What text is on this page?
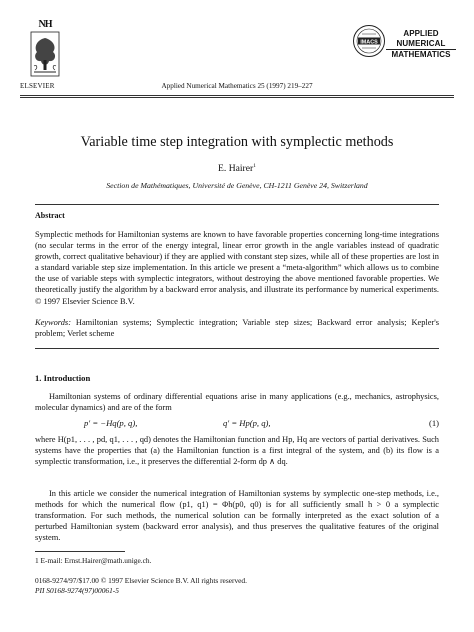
NH
ELSEVIER	Applied Numerical Mathematics 25 (1997) 219–227
IMACS
APPLIED
NUMERICAL
MATHEMATICS
Variable time step integration with symplectic methods
E. Hairer$^1$
Section de Mathématiques, Université de Genève, CH-1211 Genève 24, Switzerland
Abstract
Symplectic methods for Hamiltonian systems are known to have favorable properties concerning long-time integrations (no secular terms in the error of the energy integral, linear error growth in the angle variables instead of quadratic growth, correct qualitative behaviour) if they are applied with constant step sizes, while all of these properties are lost in a standard variable step size implementation. In this article we present a “meta-algorithm” which allows us to combine the use of variable steps with symplectic integrators, without destroying the above mentioned favorable properties. We theoretically justify the algorithm by a backward error analysis, and illustrate its performance by numerical experiments. © 1997 Elsevier Science B.V.
Keywords: Hamiltonian systems; Symplectic integration; Variable step sizes; Backward error analysis; Kepler's problem; Verlet scheme
1. Introduction
Hamiltonian systems of ordinary differential equations arise in many applications (e.g., mechanics, astrophysics, molecular dynamics) and are of the form
p′ = −Hq(p, q),	q′ = Hp(p, q),	(1)
where H(p1, . . . , pd, q1, . . . , qd) denotes the Hamiltonian function and Hp, Hq are vectors of partial derivatives. Such systems have the properties that (a) the Hamiltonian function is a first integral of the system, and (b) its flow is a symplectic transformation, i.e., it preserves the differential 2-form dp ∧ dq.
In this article we consider the numerical integration of Hamiltonian systems by symplectic one-step methods, i.e., methods for which the numerical flow (p1, q1) = Φh(p0, q0) is for all sufficiently small h > 0 a symplectic transformation. For such methods, the numerical solution can be formally interpreted as the exact solution of a perturbed Hamiltonian system (backward error analysis), and thus preserves the qualitative features of the original system.
1 E-mail: Ernst.Hairer@math.unige.ch.
0168-9274/97/$17.00 © 1997 Elsevier Science B.V. All rights reserved.
PII S0168-9274(97)00061-5
